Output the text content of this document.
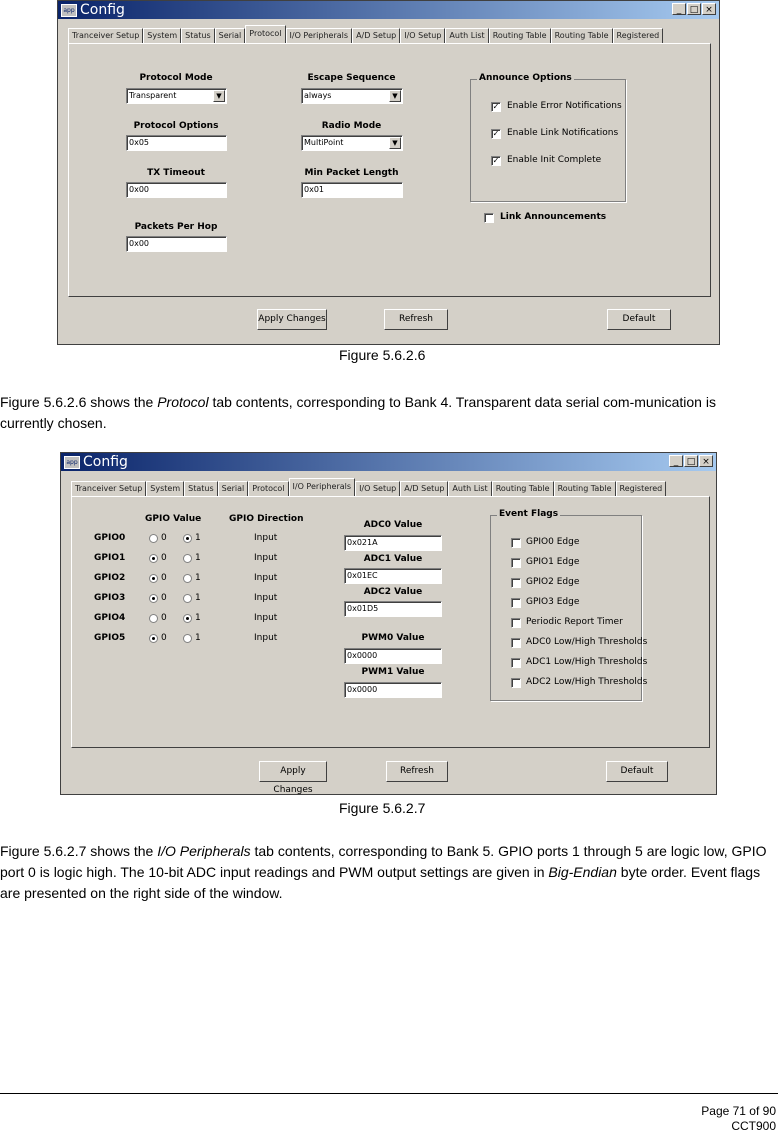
app Config	_ □ ×
Tranceiver Setup	System	Status	Serial	Protocol	I/O Peripherals	A/D Setup	I/O Setup	Auth List	Routing Table	Routing Table	Registered
Protocol Mode
Transparent	▼
Protocol Options
0x05
TX Timeout
0x00
Packets Per Hop
0x00
Escape Sequence
always	▼
Radio Mode
MultiPoint	▼
Min Packet Length
0x01
Announce Options
✓ Enable Error Notifications
✓ Enable Link Notifications
✓ Enable Init Complete
Link Announcements
Apply Changes	Refresh	Default
Figure 5.6.2.6
Figure 5.6.2.6 shows the Protocol tab contents, corresponding to Bank 4. Transparent data serial com-munication is currently chosen.
app Config	_ □ ×
Tranceiver Setup	System	Status	Serial	Protocol	I/O Peripherals	I/O Setup	A/D Setup	Auth List	Routing Table	Routing Table	Registered
GPIO Value	GPIO Direction
ADC0 Value
0x021A
ADC1 Value
0x01EC
ADC2 Value
0x01D5
PWM0 Value
0x0000
PWM1 Value
0x0000
Event Flags
GPIO0 Edge
GPIO1 Edge
GPIO2 Edge
GPIO3 Edge
Periodic Report Timer
ADC0 Low/High Thresholds
ADC1 Low/High Thresholds
ADC2 Low/High Thresholds
Apply Changes
Refresh	Default
GPIO0	0	1	Input
GPIO1	0	1	Input
GPIO2	0	1	Input
GPIO3	0	1	Input
GPIO4	0	1	Input
GPIO5	0	1	Input
Figure 5.6.2.7
Figure 5.6.2.7 shows the I/O Peripherals tab contents, corresponding to Bank 5. GPIO ports 1 through 5 are logic low, GPIO port 0 is logic high. The 10-bit ADC input readings and PWM output settings are given in Big-Endian byte order. Event flags are presented on the right side of the window.
Page 71 of 90
CCT900
